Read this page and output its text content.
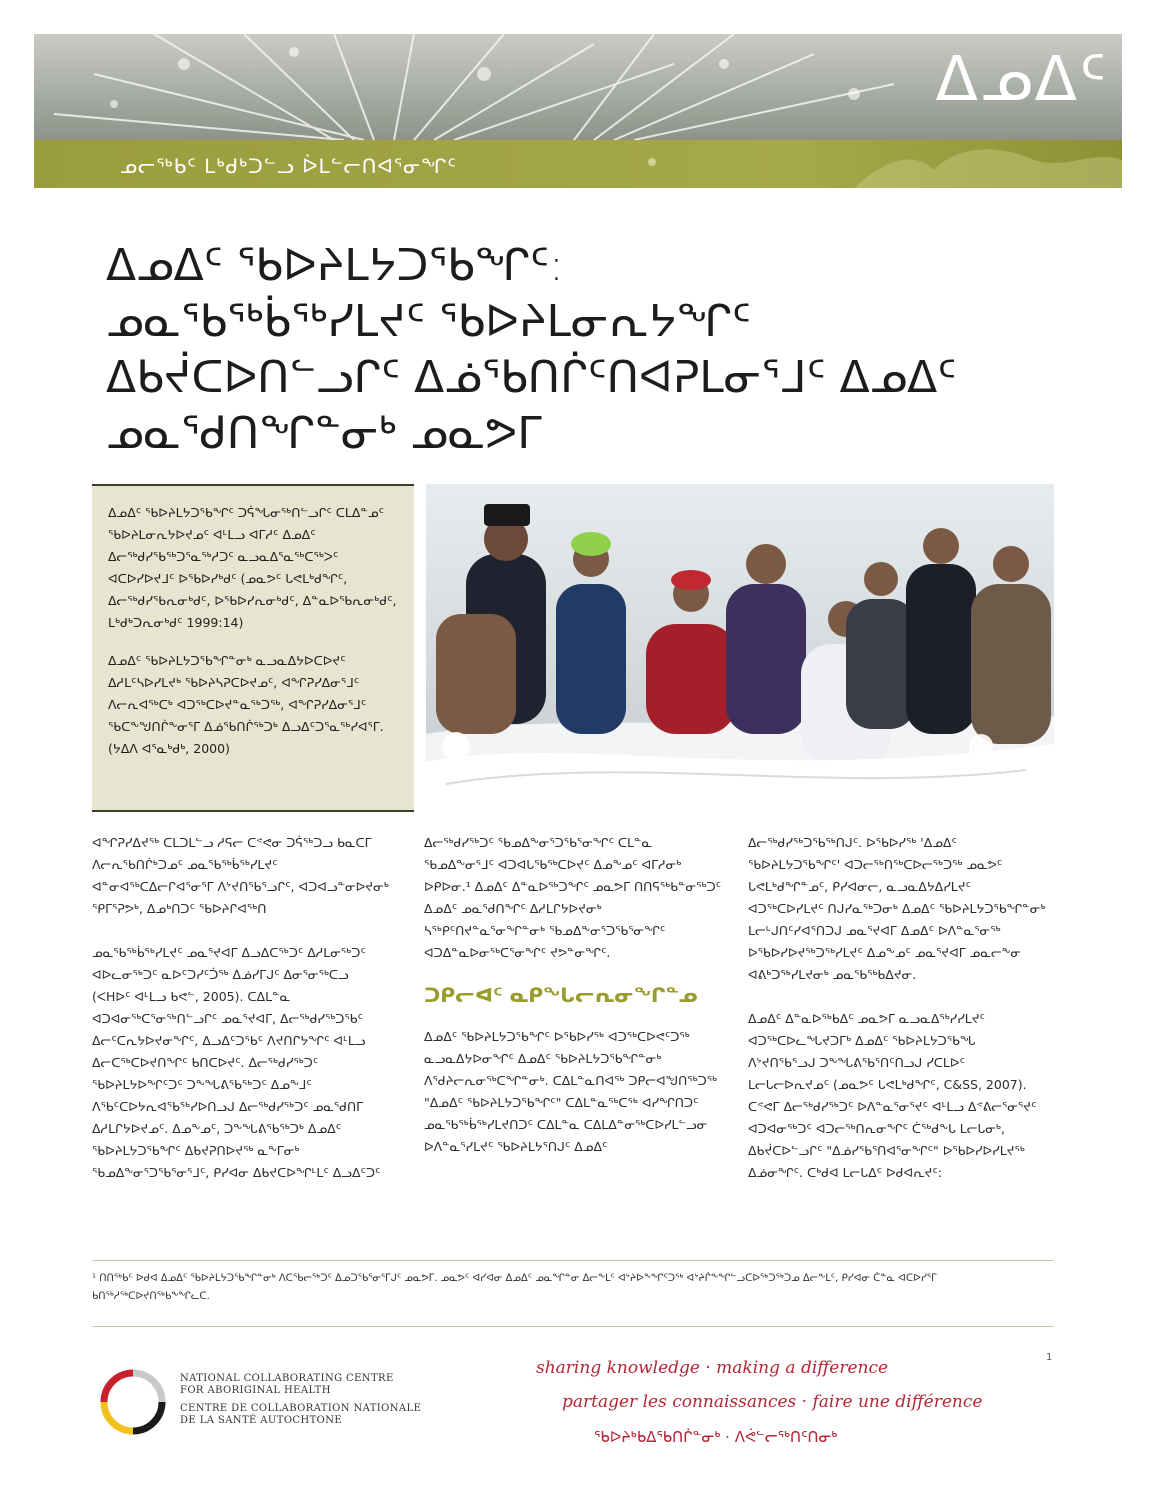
ᐃᓄᐃᑦ
ᓄᓕᖅᑲᑦ ᒪᒃᑯᒃᑐᓪᓗ ᐆᒪᓪᓕᑎᐊᕐᓂᖏᑦ
ᐃᓄᐃᑦ ᖃᐅᔨᒪᔭᑐᖃᖏᑦ:
ᓄᓇᖃᖅᑳᖅᓯᒪᔪᑦ ᖃᐅᔨᒪᓂᕆᔭᖏᑦ
ᐃᑲᔫᑕᐅᑎᓪᓗᒋᑦ ᐃᓅᖃᑎᒌᑦᑎᐊᕈᒪᓂᕐᒧᑦ ᐃᓄᐃᑦ
ᓄᓇᖁᑎᖏᓐᓂᒃ ᓄᓇᕗᒥ

ᐃᓄᐃᑦ ᖃᐅᔨᒪᔭᑐᖃᖏᑦ ᑐᕌᖓᓂᖅᑎᓪᓗᒋᑦ ᑕᒪᐃᓐᓄᑦ ᖃᐅᔨᒪᓂᕆᔭᐅᔪᓄᑦ ᐊᒻᒪᓗ ᐊᒥᓱᑦ ᐃᓄᐃᑦ ᐃᓕᖅᑯᓯᖃᖅᑐᕐᓇᖅᓱᑐᑦ ᓇᓗᓇᐃᕐᓇᖅᑕᖅᐳᑦ ᐊᑕᐅᓯᐅᔪᒧᑦ ᐅᖃᐅᓯᒃᑯᑦ (ᓄᓇᕗᑦ ᒐᕙᒪᒃᑯᖏᑦ, ᐃᓕᖅᑯᓯᖃᕆᓂᒃᑯᑦ, ᐅᖃᐅᓯᕆᓂᒃᑯᑦ, ᐃᓐᓇᐅᖃᕆᓂᒃᑯᑦ, ᒪᒃᑯᒃᑐᕆᓂᒃᑯᑦ 1999:14)

ᐃᓄᐃᑦ ᖃᐅᔨᒪᔭᑐᖃᖏᓐᓂᒃ ᓇᓗᓇᐃᔭᐅᑕᐅᔪᑦ ᐃᓱᒪᑦᓴᐅᓯᒪᔪᒃ ᖃᐅᔨᓴᕈᑕᐅᔪᓄᑦ, ᐊᖏᕈᓯᐃᓂᕐᒧᑦ ᐱᓕᕆᐊᖅᑕᒃ ᐊᑐᖅᑕᐅᔪᓐᓇᖅᑐᖅ, ᐊᖏᕈᓯᐃᓂᕐᒧᑦ ᖃᑕᖕᖑᑎᒌᖕᓂᕐᒥ ᐃᓅᖃᑎᒌᖅᑐᒃ ᐃᓗᐃᑦᑐᕐᓇᖅᓯᐊᕐᒥ. (ᔭᐃᐱ ᐊᕐᓇᒃᑯᒃ, 2000)

ᐊᖏᕈᓯᐃᔪᖅ ᑕᒪᑐᒪᓪᓗ ᓱᕋᓕ ᑕᕝᕙᓂ ᑐᕌᖅᑐᓗ ᑲᓇᑕᒥ ᐱᓕᕆᖃᑎᒌᒃᑐᓄᑦ ᓄᓇᖃᖅᑳᖅᓯᒪᔪᑦ ᐊᓐᓂᐊᖅᑕᐃᓕᒋᐊᕐᓂᕐᒥ ᐱᔾᔪᑎᖃᕐᓗᒋᑦ, ᐊᑐᐊᓗᓐᓂᐅᔪᓂᒃ ᕿᒥᕐᕈᕗᒃ, ᐃᓄᒃᑎᑐᑦ ᖃᐅᔨᒋᐊᖅᑎ

ᓄᓇᖃᖅᑳᖅᓯᒪᔪᑦ ᓄᓇᕐᔪᐊᒥ ᐃᓗᐃᑕᖅᑐᑦ ᐃᓱᒪᓂᖅᑐᑦ ᐊᐅᓚᓂᖅᑐᑦ ᓇᐅᑦᑐᓯᑦᑑᖅ ᐃᓅᓯᒥᒍᑦ ᐃᓂᕐᓂᖅᑕᓗ (ᐸᕼᐅᑦ ᐊᒻᒪᓗ ᑲᕙᓪ, 2005). ᑕᐃᒪᓐᓇ ᐊᑐᐊᓂᖅᑕᕐᓂᖅᑎᓪᓗᒋᑦ ᓄᓇᕐᔪᐊᒥ, ᐃᓕᖅᑯᓯᖅᑐᖃᑦ ᐃᓕᑦᑕᕆᔭᐅᔪᓂᖏᑦ, ᐃᓗᐃᑦᑐᖃᑦ ᐱᔪᑎᒋᔭᖏᑦ ᐊᒻᒪᓗ ᐃᓕᑕᖅᑕᐅᔪᑎᖏᑦ ᑲᑎᑕᐅᔪᑦ. ᐃᓕᖅᑯᓯᖅᑐᑦ ᖃᐅᔨᒪᔭᐅᖏᑦᑐᑦ ᑐᖕᖓᕕᖃᖅᑐᑦ ᐃᓄᖕᒧᑦ ᐱᖃᑦᑕᐅᔭᕆᐊᖃᖅᓯᐅᑎᓗᒍ ᐃᓕᖅᑯᓯᖅᑐᑦ ᓄᓇᖁᑎᒥ ᐃᓱᒪᒋᔭᐅᔪᓄᑦ. ᐃᓄᖕᓄᑦ, ᑐᖕᖓᕕᖃᖅᑐᒃ ᐃᓄᐃᑦ ᖃᐅᔨᒪᔭᑐᖃᖏᑦ ᐃᑲᔪᕈᑎᐅᔪᖅ ᓇᖕᒥᓂᒃ ᖃᓄᐃᖕᓂᕐᑐᖃᕐᓂᕐᒧᑦ, ᑭᓯᐊᓂ ᐃᑲᔪᑕᐅᖏᒻᒪᑦ ᐃᓗᐃᑦᑐᑦ

ᐃᓕᖅᑯᓯᖅᑐᑦ ᖃᓄᐃᖕᓂᕐᑐᖃᕐᓂᖏᑦ ᑕᒪᓐᓇ ᖃᓄᐃᖕᓂᕐᒧᑦ ᐊᑐᐊᒐᖃᖅᑕᐅᔪᑦ ᐃᓄᖕᓄᑦ ᐊᒥᓱᓂᒃ ᐅᑭᐅᓂ.¹ ᐃᓄᐃᑦ ᐃᓐᓇᐅᖅᑐᖏᑦ ᓄᓇᕗᒥ ᑎᑎᕋᖅᑲᓐᓂᖅᑐᑦ ᐃᓄᐃᑦ ᓄᓇᖁᑎᖏᑦ ᐃᓱᒪᒋᔭᐅᔪᓂᒃ ᓴᖅᑭᑦᑎᔪᓐᓇᕐᓂᖏᓐᓂᒃ ᖃᓄᐃᖕᓂᕐᑐᖃᕐᓂᖏᑦ ᐊᑐᐃᓐᓇᐅᓂᖅᑕᕐᓂᖏᑦ ᔪᕗᓐᓂᖏᑦ.

ᑐᑭᓕᐊᑦ ᓇᑭᖕᒐᓕᕆᓂᖏᓐᓄ

ᐃᓄᐃᑦ ᖃᐅᔨᒪᔭᑐᖃᖏᑦ ᐅᖃᐅᓯᖅ ᐊᑐᖅᑕᐅᕙᑦᑐᖅ ᓇᓗᓇᐃᔭᐅᓂᖏᑦ ᐃᓄᐃᑦ ᖃᐅᔨᒪᔭᑐᖃᖏᓐᓂᒃ ᐱᖁᔨᓕᕆᓂᖅᑕᖏᓐᓂᒃ. ᑕᐃᒪᓐᓇᑎᐊᖅ ᑐᑭᓕᐊᖑᑎᖅᑐᖅ "ᐃᓄᐃᑦ ᖃᐅᔨᒪᔭᑐᖃᖏᑦ" ᑕᐃᒪᓐᓇᖅᑕᖅ ᐊᓯᖏᑎᑐᑦ ᓄᓇᖃᖅᑳᖅᓯᒪᔪᑎᑐᑦ ᑕᐃᒪᓐᓇ ᑕᐃᒪᐃᓐᓂᖅᑕᐅᓯᒪᓪᓗᓂ ᐅᐱᓐᓇᕐᓯᒪᔪᑦ ᖃᐅᔨᒪᔭᕐᑎᒍᑦ ᐃᓄᐃᑦ

ᐃᓕᖅᑯᓯᖅᑐᖃᖅᑎᒍᑦ. ᐅᖃᐅᓯᖅ 'ᐃᓄᐃᑦ ᖃᐅᔨᒪᔭᑐᖃᖏᑦ' ᐊᑐᓕᖅᑎᖅᑕᐅᓕᖅᑐᖅ ᓄᓇᕗᑦ ᒐᕙᒪᒃᑯᖏᓐᓄᑦ, ᑭᓯᐊᓂᓕ, ᓇᓗᓇᐃᔭᐃᓯᒪᔪᑦ ᐊᑐᖅᑕᐅᓯᒪᔪᑦ ᑎᒍᓯᓇᖅᑐᓂᒃ ᐃᓄᐃᑦ ᖃᐅᔨᒪᔭᑐᖃᖏᓐᓂᒃ ᒪᓕᒡᒍᑎᑦᓯᐊᕐᑎᑐᒍ ᓄᓇᕐᔪᐊᒥ ᐃᓄᐃᑦ ᐅᐱᓐᓇᕐᓂᖅ ᐅᖃᐅᓯᐅᔪᖅᑐᖅᓯᒪᔪᑦ ᐃᓄᖕᓄᑦ ᓄᓇᕐᔪᐊᒥ ᓄᓇᓕᖕᓂ ᐊᕕᒃᑐᖅᓯᒪᔪᓂᒃ ᓄᓇᖃᖅᑲᐃᔪᓂ.

ᐃᓄᐃᑦ ᐃᓐᓇᐅᖅᑲᐃᑦ ᓄᓇᕗᒥ ᓇᓗᓇᐃᖅᓯᓯᒪᔪᑦ ᐊᑐᖅᑕᐅᓚᖓᔪᑐᒥᒃ ᐃᓄᐃᑦ ᖃᐅᔨᒪᔭᑐᖃᖓ ᐱᔾᔪᑎᖃᕐᓗᒍ ᑐᖕᖓᕕᖃᕐᑎᑦᑎᓗᒍ ᓯᑕᒪᐅᑦ ᒪᓕᒐᓕᐅᕆᔪᓄᑦ (ᓄᓇᕗᑦ ᒐᕙᒪᒃᑯᖏᑦ, C&SS, 2007). ᑕᕝᕙᒥ ᐃᓕᖅᑯᓯᖅᑐᑦ ᐅᐱᓐᓇᕐᓂᕐᔪᑦ ᐊᒻᒪᓗ ᐃᕝᕕᓕᕐᓂᕐᔪᑦ ᐊᑐᐊᓂᖅᑐᑦ ᐊᑐᓕᖅᑎᕆᓂᖏᑦ ᑖᖅᑯᖕᒐ ᒪᓕᒐᓂᒃ, ᐃᑲᔫᑕᐅᓪᓗᒋᑦ "ᐃᓅᓯᖃᕐᑎᐊᕐᓂᖏᑦ" ᐅᖃᐅᓯᐅᓯᒪᔪᖅ ᐃᓅᓂᖏᑦ. ᑕᒃᑯᐊ ᒪᓕᒐᐃᑦ ᐅᑯᐊᕆᔪᑦ:

¹ ᑎᑎᖅᑲᑦ ᐅᑯᐊ ᐃᓄᐃᑦ ᖃᐅᔨᒪᔭᑐᖃᖏᓐᓂᒃ ᐱᑕᖃᓕᖅᑐᑦ ᐃᓄᑐᖃᕐᓂᕐᒥᒍᑦ ᓄᓇᕗᒥ. ᓄᓇᕗᑦ ᐊᓯᐊᓂ ᐃᓄᐃᑦ ᓄᓇᖏᓐᓂ ᐃᓕᖕᒪᑦ ᐊᔾᔨᐅᖕᖏᑦᑐᖅ ᐊᔾᔨᒌᖕᖏᓪᓗᑕᐅᖅᑐᖅᑐᓄ ᐃᓕᖕᒪᑦ, ᑭᓯᐊᓂ ᑖᓐᓇ ᐊᑕᐅᓯᕐᒥ ᑲᑎᖅᓱᖅᑕᐅᔪᑎᖅᑲᖕᖏᓚᑕ.
NATIONAL COLLABORATING CENTRE
FOR ABORIGINAL HEALTH
CENTRE DE COLLABORATION NATIONALE
DE LA SANTÉ AUTOCHTONE
sharing knowledge · making a difference
partager les connaissances · faire une différence
ᖃᐅᔨᒃᑲᐃᖃᑎᒌᓐᓂᒃ · ᐱᕚᓪᓕᖅᑎᑦᑎᓂᒃ
1
